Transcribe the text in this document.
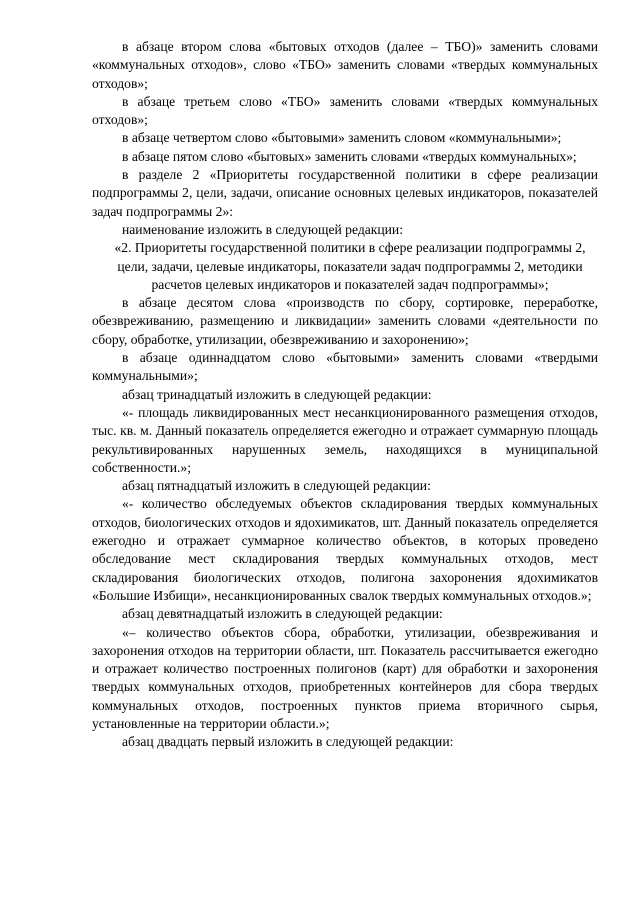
в абзаце втором слова «бытовых отходов (далее – ТБО)» заменить словами «коммунальных отходов», слово «ТБО» заменить словами «твердых коммунальных отходов»;

в абзаце третьем слово «ТБО» заменить словами «твердых коммунальных отходов»;

в абзаце четвертом слово «бытовыми» заменить словом «коммунальными»;

в абзаце пятом слово «бытовых» заменить словами «твердых коммунальных»;

в разделе 2 «Приоритеты государственной политики в сфере реализации подпрограммы 2, цели, задачи, описание основных целевых индикаторов, показателей задач подпрограммы 2»:

наименование изложить в следующей редакции:

«2. Приоритеты государственной политики в сфере реализации подпрограммы 2, цели, задачи, целевые индикаторы, показатели задач подпрограммы 2, методики расчетов целевых индикаторов и показателей задач подпрограммы»;

в абзаце десятом слова «производств по сбору, сортировке, переработке, обезвреживанию, размещению и ликвидации» заменить словами «деятельности по сбору, обработке, утилизации, обезвреживанию и захоронению»;

в абзаце одиннадцатом слово «бытовыми» заменить словами «твердыми коммунальными»;

абзац тринадцатый изложить в следующей редакции:

«- площадь ликвидированных мест несанкционированного размещения отходов, тыс. кв. м. Данный показатель определяется ежегодно и отражает суммарную площадь рекультивированных нарушенных земель, находящихся в муниципальной собственности.»;

абзац пятнадцатый изложить в следующей редакции:

«- количество обследуемых объектов складирования твердых коммунальных отходов, биологических отходов и ядохимикатов, шт. Данный показатель определяется ежегодно и отражает суммарное количество объектов, в которых проведено обследование мест складирования твердых коммунальных отходов, мест складирования биологических отходов, полигона захоронения ядохимикатов «Большие Избищи», несанкционированных свалок твердых коммунальных отходов.»;

абзац девятнадцатый изложить в следующей редакции:

«– количество объектов сбора, обработки, утилизации, обезвреживания и захоронения отходов на территории области, шт. Показатель рассчитывается ежегодно и отражает количество построенных полигонов (карт) для обработки и захоронения твердых коммунальных отходов, приобретенных контейнеров для сбора твердых коммунальных отходов, построенных пунктов приема вторичного сырья, установленные на территории области.»;

абзац двадцать первый изложить в следующей редакции:
